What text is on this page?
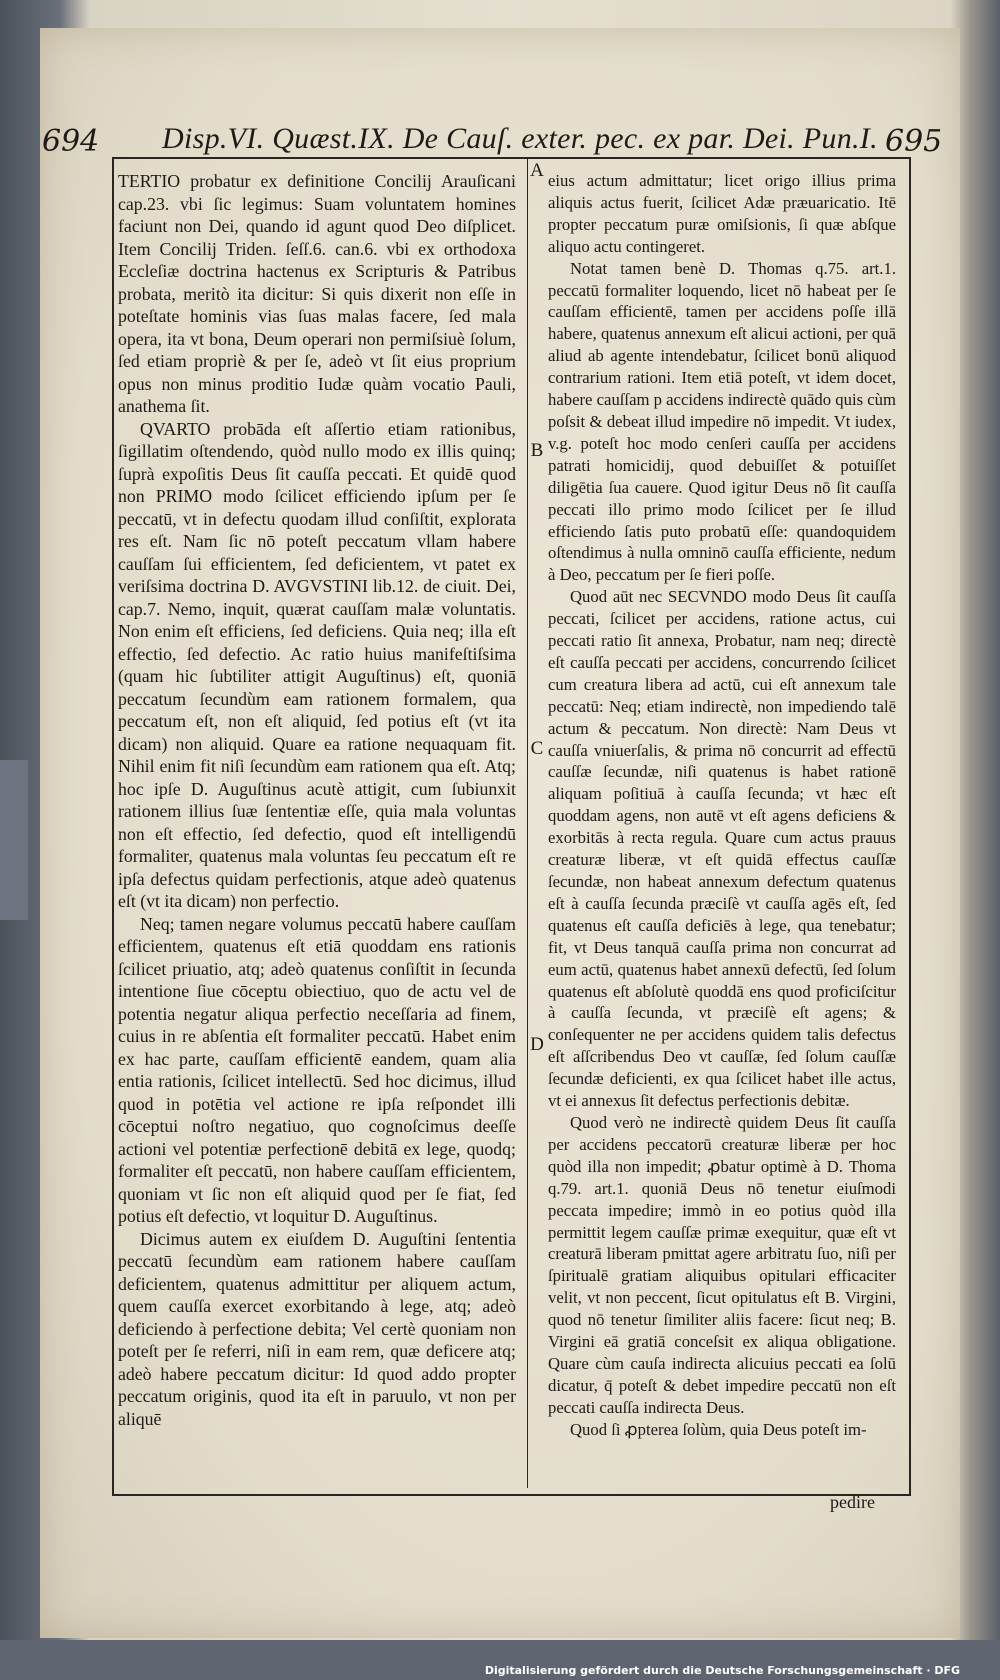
694 Disp.VI. Quæst.IX. De Cauſ. exter. pec. ex par. Dei. Pun.I. 695

TERTIO probatur ex definitione Concilij Arauſicani cap.23. vbi ſic legimus: Suam voluntatem homines faciunt non Dei, quando id agunt quod Deo diſplicet. Item Concilij Triden. ſeſſ.6. can.6. vbi ex orthodoxa Eccleſiæ doctrina hactenus ex Scripturis & Patribus probata, meritò ita dicitur: Si quis dixerit non eſſe in poteſtate hominis vias ſuas malas facere, ſed mala opera, ita vt bona, Deum operari non permiſsiuè ſolum, ſed etiam propriè & per ſe, adeò vt ſit eius proprium opus non minus proditio Iudæ quàm vocatio Pauli, anathema ſit.

QVARTO probāda eſt aſſertio etiam rationibus, ſigillatim oſtendendo, quòd nullo modo ex illis quinq; ſuprà expoſitis Deus ſit cauſſa peccati. Et quidē quod non PRIMO modo ſcilicet efficiendo ipſum per ſe peccatū, vt in defectu quodam illud conſiſtit, explorata res eſt. Nam ſic nō poteſt peccatum vllam habere cauſſam ſui efficientem, ſed deficientem, vt patet ex veriſsima doctrina D. AVGVSTINI lib.12. de ciuit. Dei, cap.7. Nemo, inquit, quærat cauſſam malæ voluntatis. Non enim eſt efficiens, ſed deficiens. Quia neq; illa eſt effectio, ſed defectio. Ac ratio huius manifeſtiſsima (quam hic ſubtiliter attigit Auguſtinus) eſt, quoniā peccatum ſecundùm eam rationem formalem, qua peccatum eſt, non eſt aliquid, ſed potius eſt (vt ita dicam) non aliquid. Quare ea ratione nequaquam fit. Nihil enim fit niſi ſecundùm eam rationem qua eſt. Atq; hoc ipſe D. Auguſtinus acutè attigit, cum ſubiunxit rationem illius ſuæ ſententiæ eſſe, quia mala voluntas non eſt effectio, ſed defectio, quod eſt intelligendū formaliter, quatenus mala voluntas ſeu peccatum eſt re ipſa defectus quidam perfectionis, atque adeò quatenus eſt (vt ita dicam) non perfectio.

Neq; tamen negare volumus peccatū habere cauſſam efficientem, quatenus eſt etiā quoddam ens rationis ſcilicet priuatio, atq; adeò quatenus conſiſtit in ſecunda intentione ſiue cōceptu obiectiuo, quo de actu vel de potentia negatur aliqua perfectio neceſſaria ad finem, cuius in re abſentia eſt formaliter peccatū. Habet enim ex hac parte, cauſſam efficientē eandem, quam alia entia rationis, ſcilicet intellectū. Sed hoc dicimus, illud quod in potētia vel actione re ipſa reſpondet illi cōceptui noſtro negatiuo, quo cognoſcimus deeſſe actioni vel potentiæ perfectionē debitā ex lege, quodq; formaliter eſt peccatū, non habere cauſſam efficientem, quoniam vt ſic non eſt aliquid quod per ſe fiat, ſed potius eſt defectio, vt loquitur D. Auguſtinus.

Dicimus autem ex eiuſdem D. Auguſtini ſententia peccatū ſecundùm eam rationem habere cauſſam deficientem, quatenus admittitur per aliquem actum, quem cauſſa exercet exorbitando à lege, atq; adeò deficiendo à perfectione debita; Vel certè quoniam non poteſt per ſe referri, niſi in eam rem, quæ deficere atq; adeò habere peccatum dicitur: Id quod addo propter peccatum originis, quod ita eſt in paruulo, vt non per aliquē

A
B
C
D

eius actum admittatur; licet origo illius prima aliquis actus fuerit, ſcilicet Adæ præuaricatio. Itē propter peccatum puræ omiſsionis, ſi quæ abſque aliquo actu contingeret.

Notat tamen benè D. Thomas q.75. art.1. peccatū formaliter loquendo, licet nō habeat per ſe cauſſam efficientē, tamen per accidens poſſe illā habere, quatenus annexum eſt alicui actioni, per quā aliud ab agente intendebatur, ſcilicet bonū aliquod contrarium rationi. Item etiā poteſt, vt idem docet, habere cauſſam p accidens indirectè quādo quis cùm poſsit & debeat illud impedire nō impedit. Vt iudex, v.g. poteſt hoc modo cenſeri cauſſa per accidens patrati homicidij, quod debuiſſet & potuiſſet diligētia ſua cauere. Quod igitur Deus nō ſit cauſſa peccati illo primo modo ſcilicet per ſe illud efficiendo ſatis puto probatū eſſe: quandoquidem oſtendimus à nulla omninō cauſſa efficiente, nedum à Deo, peccatum per ſe fieri poſſe.

Quod aūt nec SECVNDO modo Deus ſit cauſſa peccati, ſcilicet per accidens, ratione actus, cui peccati ratio ſit annexa, Probatur, nam neq; directè eſt cauſſa peccati per accidens, concurrendo ſcilicet cum creatura libera ad actū, cui eſt annexum tale peccatū: Neq; etiam indirectè, non impediendo talē actum & peccatum. Non directè: Nam Deus vt cauſſa vniuerſalis, & prima nō concurrit ad effectū cauſſæ ſecundæ, niſi quatenus is habet rationē aliquam poſitiuā à cauſſa ſecunda; vt hæc eſt quoddam agens, non autē vt eſt agens deficiens & exorbitās à recta regula. Quare cum actus prauus creaturæ liberæ, vt eſt quidā effectus cauſſæ ſecundæ, non habeat annexum defectum quatenus eſt à cauſſa ſecunda præciſè vt cauſſa agēs eſt, ſed quatenus eſt cauſſa deficiēs à lege, qua tenebatur; fit, vt Deus tanquā cauſſa prima non concurrat ad eum actū, quatenus habet annexū defectū, ſed ſolum quatenus eſt abſolutè quoddā ens quod proficiſcitur à cauſſa ſecunda, vt præciſè eſt agens; & conſequenter ne per accidens quidem talis defectus eſt aſſcribendus Deo vt cauſſæ, ſed ſolum cauſſæ ſecundæ deficienti, ex qua ſcilicet habet ille actus, vt ei annexus ſit defectus perfectionis debitæ.

Quod verò ne indirectè quidem Deus ſit cauſſa per accidens peccatorū creaturæ liberæ per hoc quòd illa non impedit; ꝓbatur optimè à D. Thoma q.79. art.1. quoniā Deus nō tenetur eiuſmodi peccata impedire; immò in eo potius quòd illa permittit legem cauſſæ primæ exequitur, quæ eſt vt creaturā liberam pmittat agere arbitratu ſuo, niſi per ſpiritualē gratiam aliquibus opitulari efficaciter velit, vt non peccent, ſicut opitulatus eſt B. Virgini, quod nō tenetur ſimiliter aliis facere: ſicut neq; B. Virgini eā gratiā conceſsit ex aliqua obligatione. Quare cùm cauſa indirecta alicuius peccati ea ſolū dicatur, q̄ poteſt & debet impedire peccatū non eſt peccati cauſſa indirecta Deus.

Quod ſi ꝓpterea ſolùm, quia Deus poteſt im-

pedire
Digitalisierung gefördert durch die Deutsche Forschungsgemeinschaft · DFG
